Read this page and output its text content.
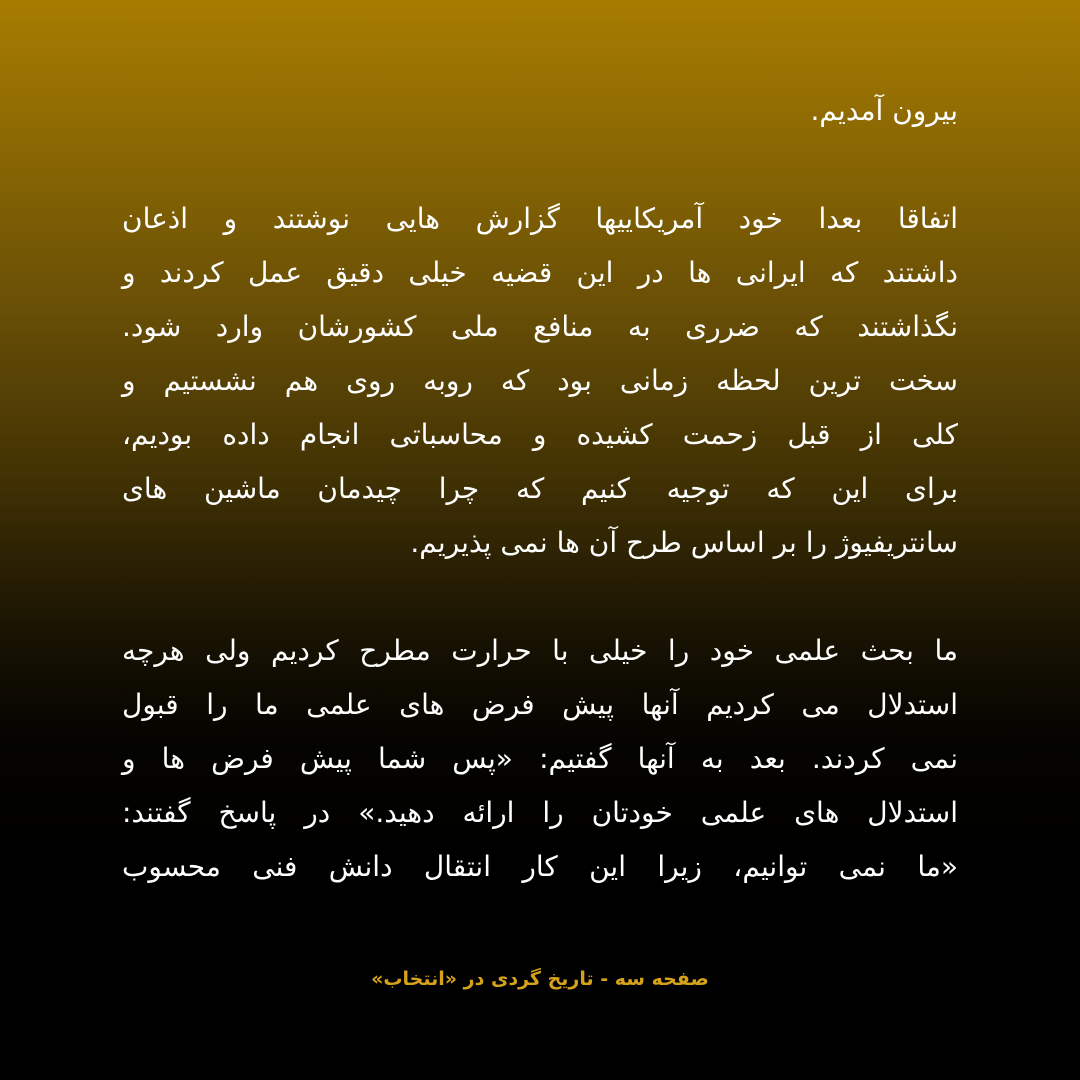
بیرون آمدیم.

اتفاقا بعدا خود آمریکاییها گزارش هایی نوشتند و اذعان
داشتند که ایرانی ها در این قضیه خیلی دقیق عمل کردند و
نگذاشتند که ضرری به منافع ملی کشورشان وارد شود.
سخت ترین لحظه زمانی بود که روبه روی هم نشستیم و
کلی از قبل زحمت کشیده و محاسباتی انجام داده بودیم،
برای این که توجیه کنیم که چرا چیدمان ماشین های
سانتریفیوژ را بر اساس طرح آن ها نمی پذیریم.

ما بحث علمی خود را خیلی با حرارت مطرح کردیم ولی هرچه
استدلال می کردیم آنها پیش فرض های علمی ما را قبول
نمی کردند. بعد به آنها گفتیم: «پس شما پیش فرض ها و
استدلال های علمی خودتان را ارائه دهید.» در پاسخ گفتند:
«ما نمی توانیم، زیرا این کار انتقال دانش فنی محسوب

صفحه سه - تاریخ گردی در «انتخاب»
